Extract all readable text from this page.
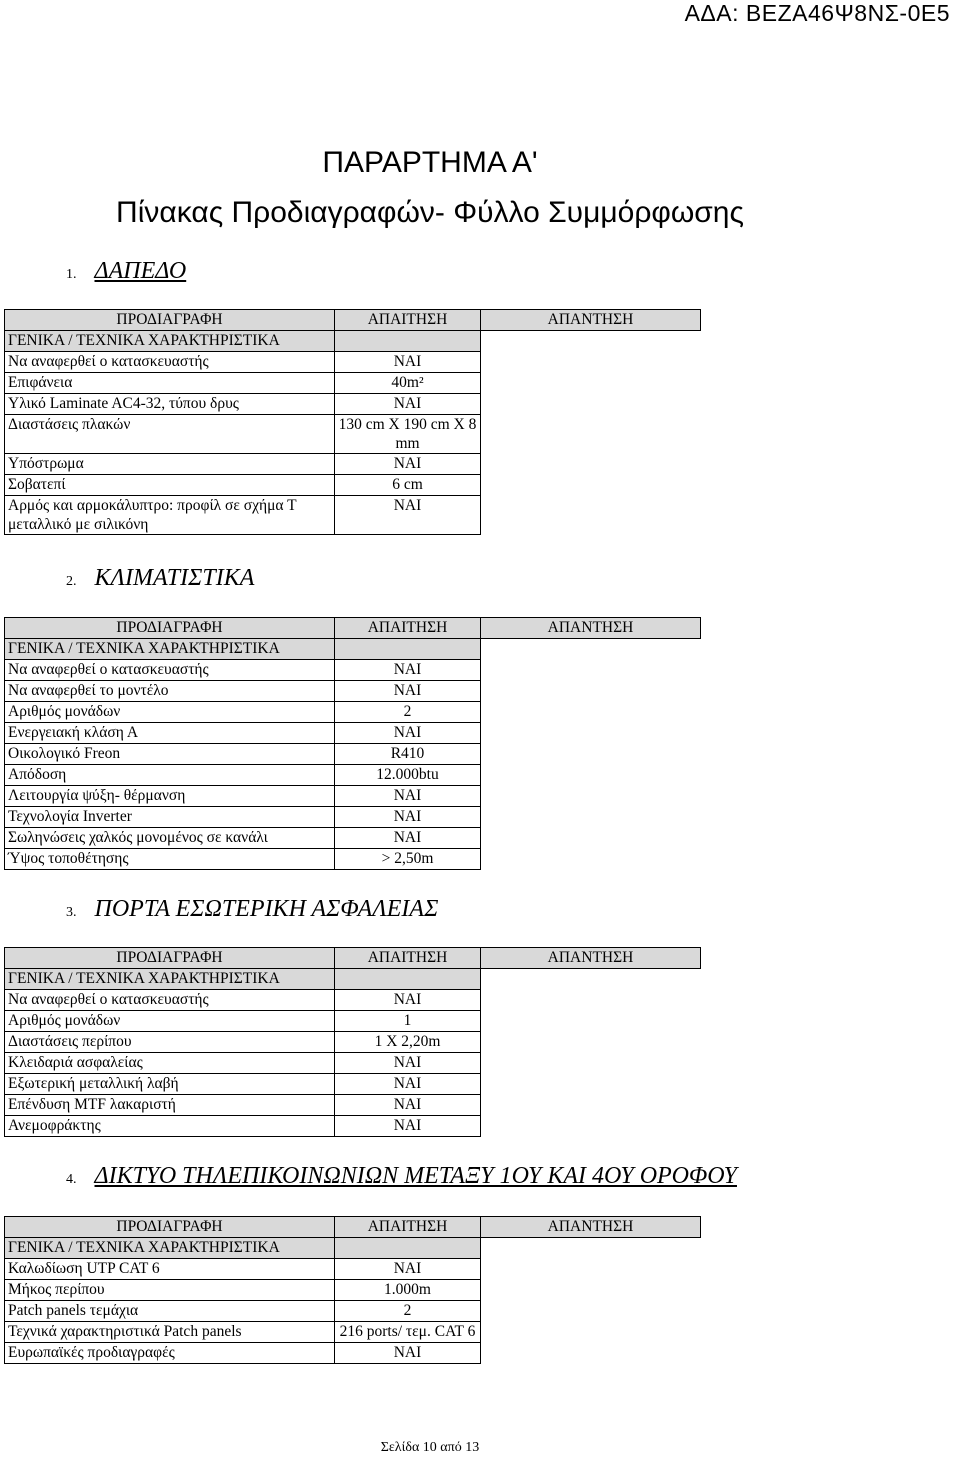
ΑΔΑ: ΒΕΖΑ46Ψ8ΝΣ-0Ε5
ΠΑΡΑΡΤΗΜΑ Α'
Πίνακας Προδιαγραφών- Φύλλο Συμμόρφωσης
1. ΔΑΠΕΔΟ
ΠΡΟΔΙΑΓΡΑΦΗ	ΑΠΑΙΤΗΣΗ	ΑΠΑΝΤΗΣΗ
ΓΕΝΙΚΑ / ΤΕΧΝΙΚΑ ΧΑΡΑΚΤΗΡΙΣΤΙΚΑ		
Να αναφερθεί ο κατασκευαστής	ΝΑΙ	
Επιφάνεια	40m²	
Υλικό Laminate AC4-32, τύπου δρυς	ΝΑΙ	
Διαστάσεις πλακών	130 cm X 190 cm X 8 mm	
Υπόστρωμα	ΝΑΙ	
Σοβατεπί	6 cm	
Αρμός και αρμοκάλυπτρο: προφίλ σε σχήμα Τ μεταλλικό με σιλικόνη	ΝΑΙ	
2. ΚΛΙΜΑΤΙΣΤΙΚΑ
ΠΡΟΔΙΑΓΡΑΦΗ	ΑΠΑΙΤΗΣΗ	ΑΠΑΝΤΗΣΗ
ΓΕΝΙΚΑ / ΤΕΧΝΙΚΑ ΧΑΡΑΚΤΗΡΙΣΤΙΚΑ		
Να αναφερθεί ο κατασκευαστής	ΝΑΙ	
Να αναφερθεί το μοντέλο	ΝΑΙ	
Αριθμός μονάδων	2	
Ενεργειακή κλάση Α	ΝΑΙ	
Οικολογικό Freon	R410	
Απόδοση	12.000btu	
Λειτουργία ψύξη- θέρμανση	ΝΑΙ	
Τεχνολογία Inverter	ΝΑΙ	
Σωληνώσεις χαλκός μονομένος σε κανάλι	ΝΑΙ	
Ύψος τοποθέτησης	> 2,50m	
3. ΠΟΡΤΑ ΕΣΩΤΕΡΙΚΗ ΑΣΦΑΛΕΙΑΣ
ΠΡΟΔΙΑΓΡΑΦΗ	ΑΠΑΙΤΗΣΗ	ΑΠΑΝΤΗΣΗ
ΓΕΝΙΚΑ / ΤΕΧΝΙΚΑ ΧΑΡΑΚΤΗΡΙΣΤΙΚΑ		
Να αναφερθεί ο κατασκευαστής	ΝΑΙ	
Αριθμός μονάδων	1	
Διαστάσεις περίπου	1 X 2,20m	
Κλειδαριά ασφαλείας	ΝΑΙ	
Εξωτερική μεταλλική λαβή	ΝΑΙ	
Επένδυση MTF λακαριστή	ΝΑΙ	
Ανεμοφράκτης	ΝΑΙ	
4. ΔΙΚΤΥΟ ΤΗΛΕΠΙΚΟΙΝΩΝΙΩΝ ΜΕΤΑΞΥ 1ΟΥ ΚΑΙ 4ΟΥ ΟΡΟΦΟΥ
ΠΡΟΔΙΑΓΡΑΦΗ	ΑΠΑΙΤΗΣΗ	ΑΠΑΝΤΗΣΗ
ΓΕΝΙΚΑ / ΤΕΧΝΙΚΑ ΧΑΡΑΚΤΗΡΙΣΤΙΚΑ		
Καλωδίωση UTP CAT 6	ΝΑΙ	
Μήκος περίπου	1.000m	
Patch panels τεμάχια	2	
Τεχνικά χαρακτηριστικά Patch panels	216 ports/ τεμ. CAT 6	
Ευρωπαϊκές προδιαγραφές	ΝΑΙ	
Σελίδα 10 από 13
